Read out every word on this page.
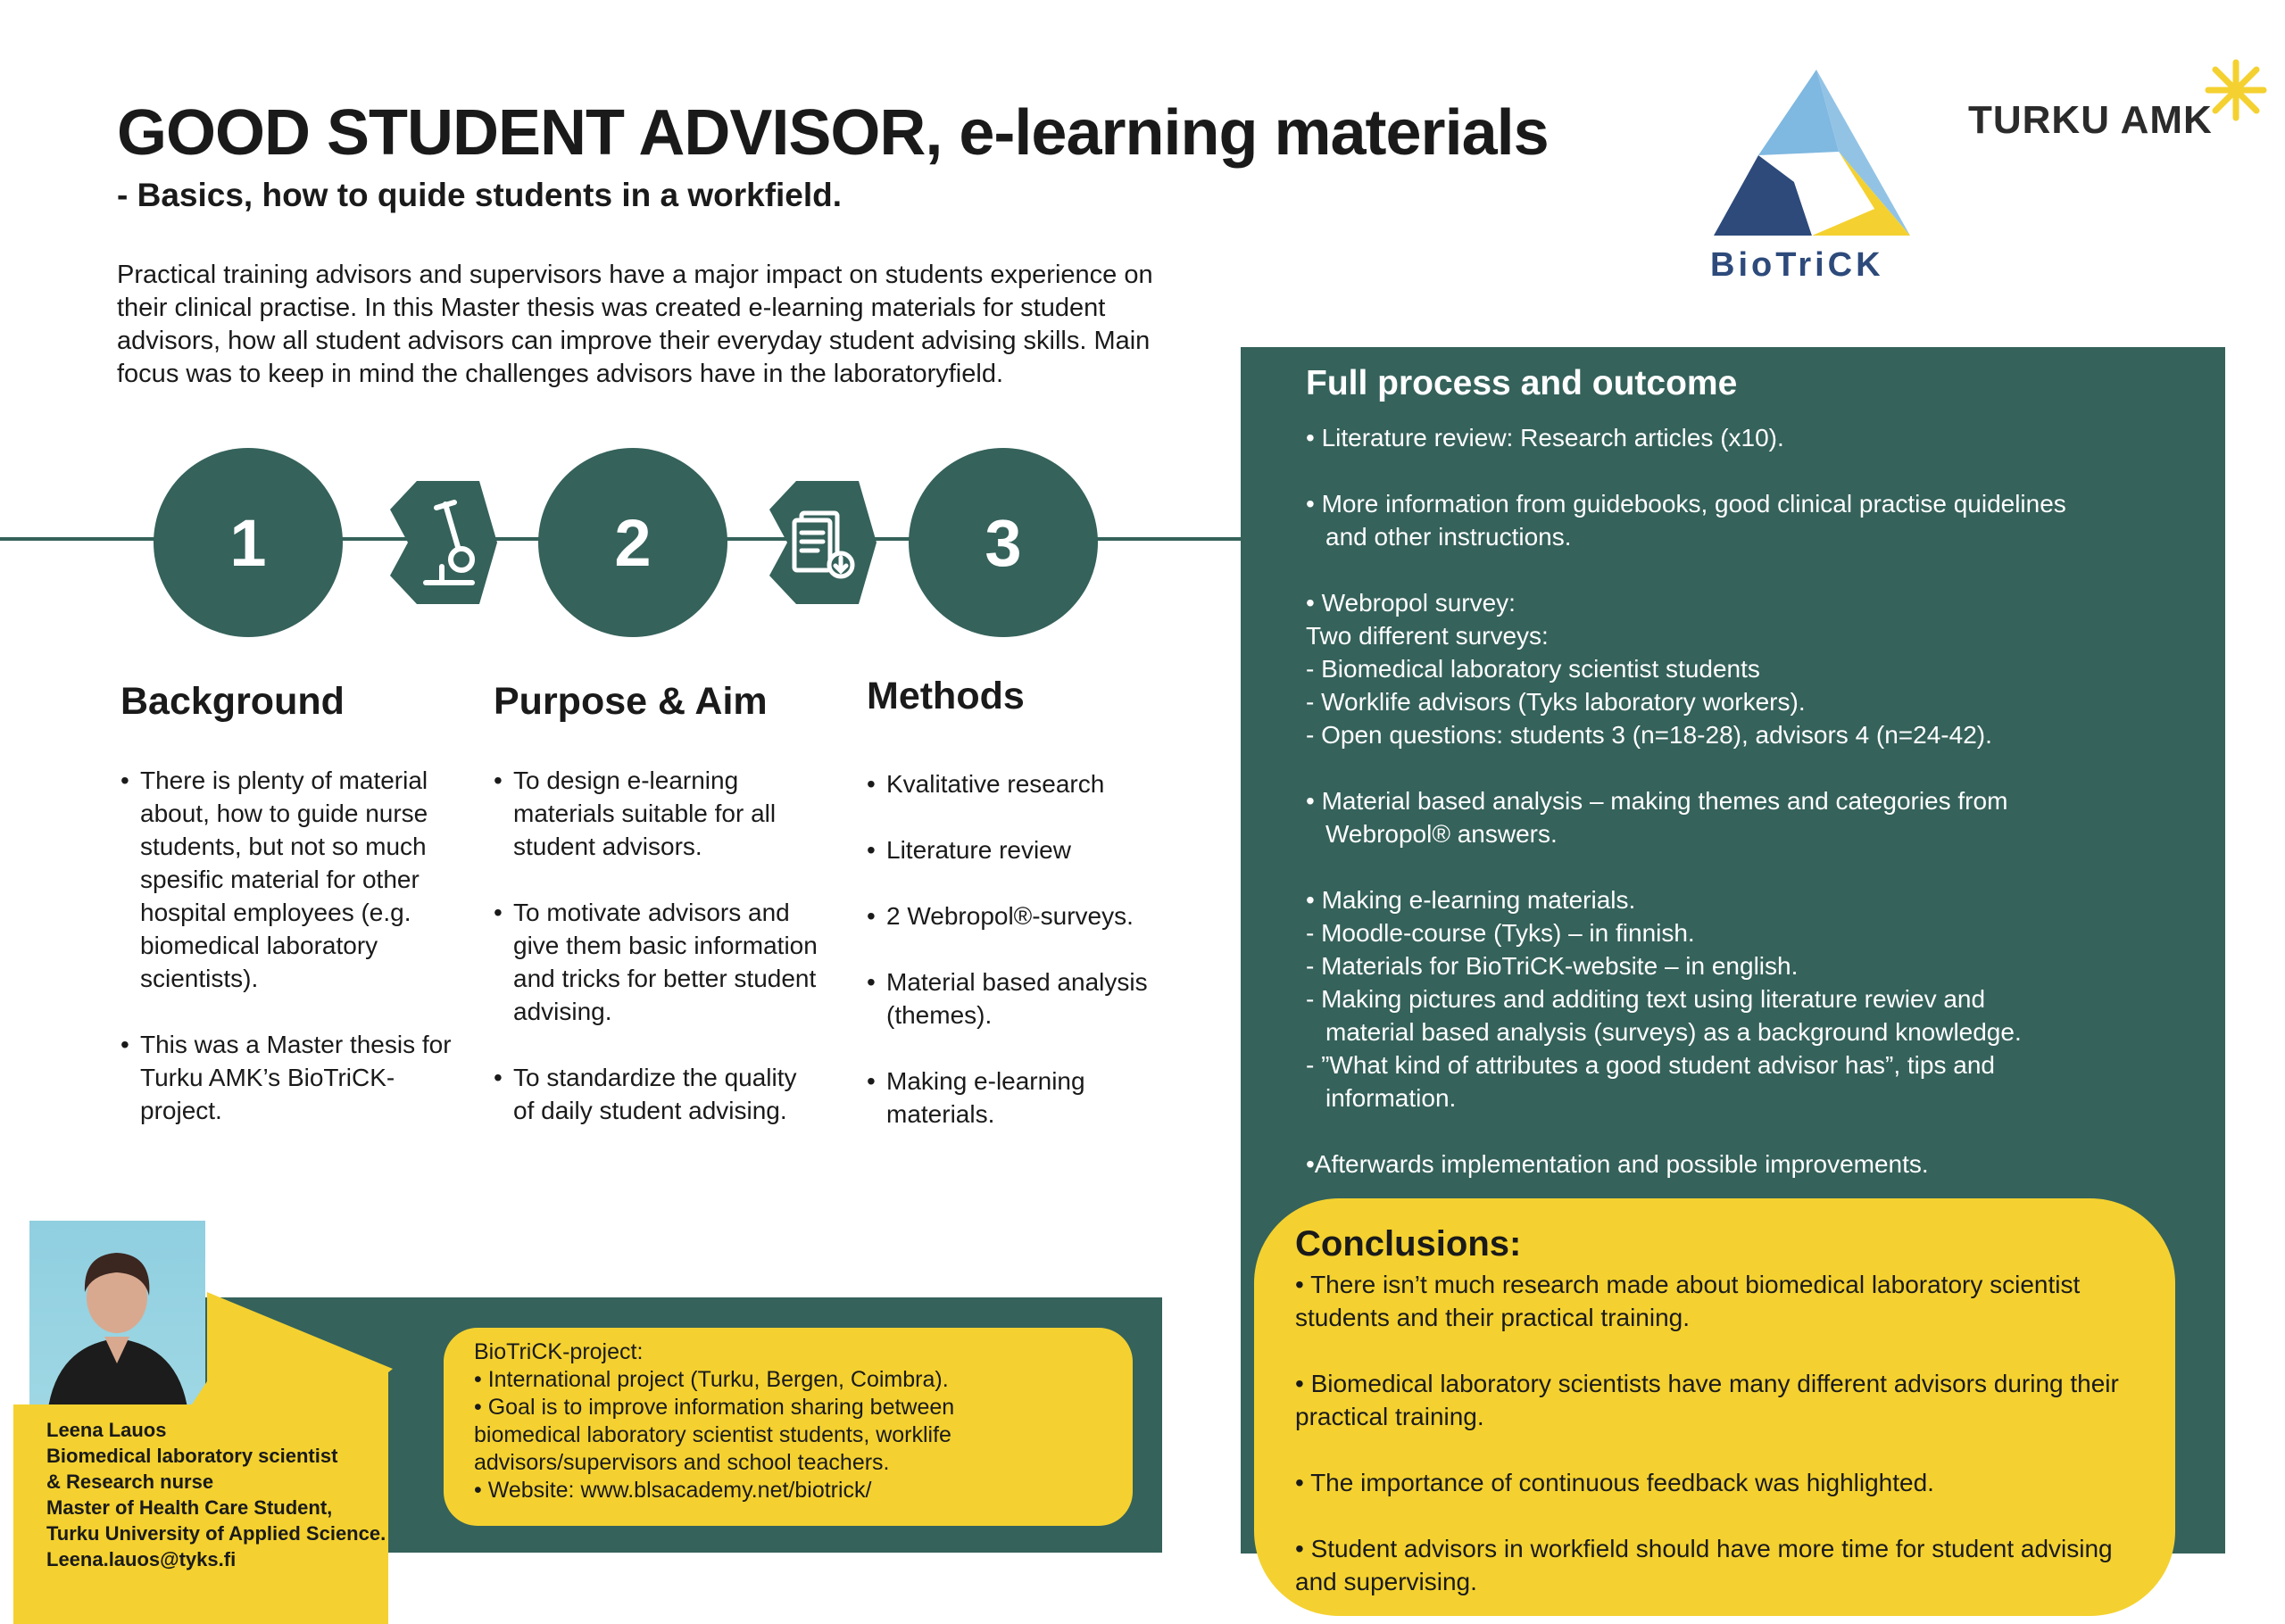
GOOD STUDENT ADVISOR, e-learning materials
- Basics, how to quide students in a workfield.
Practical training advisors and supervisors have a major impact on students experience on their clinical practise. In this Master thesis was created e-learning materials for student advisors, how all student advisors can improve their everyday student advising skills. Main focus was to keep in mind the challenges advisors have in the laboratoryfield.
BioTriCK
TURKU AMK
1	2	3
Background
• There is plenty of material about, how to guide nurse students, but not so much spesific material for other hospital employees (e.g. biomedical laboratory scientists).
• This was a Master thesis for Turku AMK’s BioTriCK-project.
Purpose & Aim
• To design e-learning materials suitable for all student advisors.
• To motivate advisors and give them basic information and tricks for better student advising.
• To standardize the quality of daily student advising.
Methods
• Kvalitative research
• Literature review
• 2 Webropol®-surveys.
• Material based analysis (themes).
• Making e-learning materials.
Full process and outcome
• Literature review: Research articles (x10).
• More information from guidebooks, good clinical practise quidelines
and other instructions.
• Webropol survey:
Two different surveys:
- Biomedical laboratory scientist students
- Worklife advisors (Tyks laboratory workers).
- Open questions: students 3 (n=18-28), advisors 4 (n=24-42).
• Material based analysis – making themes and categories from
Webropol® answers.
• Making e-learning materials.
- Moodle-course (Tyks) – in finnish.
- Materials for BioTriCK-website – in english.
- Making pictures and additing text using literature rewiev and
material based analysis (surveys) as a background knowledge.
- ”What kind of attributes a good student advisor has”, tips and
information.
•Afterwards implementation and possible improvements.
Conclusions:
• There isn’t much research made about biomedical laboratory scientist students and their practical training.
• Biomedical laboratory scientists have many different advisors during their practical training.
• The importance of continuous feedback was highlighted.
• Student advisors in workfield should have more time for student advising and supervising.
BioTriCK-project:
• International project (Turku, Bergen, Coimbra).
• Goal is to improve information sharing between
biomedical laboratory scientist students, worklife
advisors/supervisors and school teachers.
• Website: www.blsacademy.net/biotrick/
Leena Lauos
Biomedical laboratory scientist
& Research nurse
Master of Health Care Student,
Turku University of Applied Science.
Leena.lauos@tyks.fi
